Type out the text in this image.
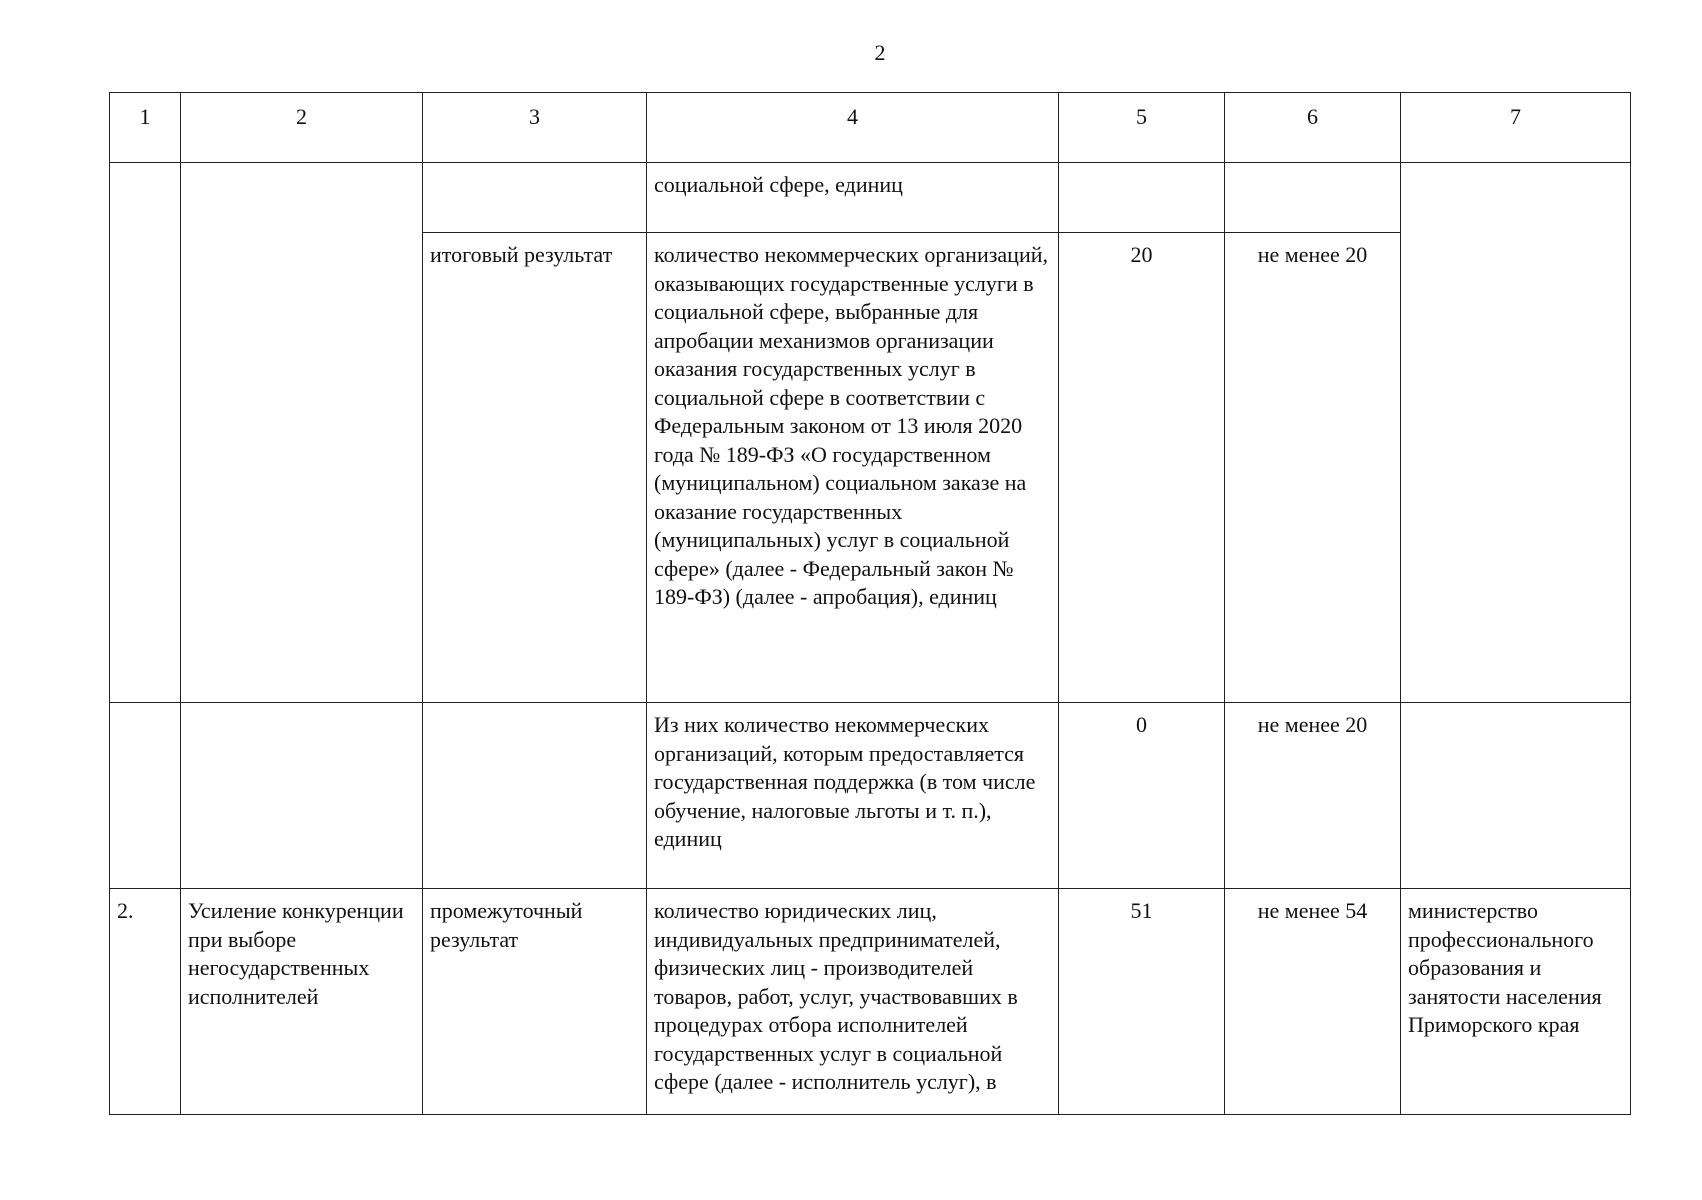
2
1	2	3	4	5	6	7
			социальной сфере, единиц			
		итоговый результат	количество некоммерческих организаций, оказывающих государственные услуги в социальной сфере, выбранные для апробации механизмов организации оказания государственных услуг в социальной сфере в соответствии с Федеральным законом от 13 июля 2020 года № 189-ФЗ «О государственном (муниципальном) социальном заказе на оказание государственных (муниципальных) услуг в социальной сфере» (далее - Федеральный закон № 189-ФЗ) (далее - апробация), единиц	20	не менее 20	
			Из них количество некоммерческих организаций, которым предоставляется государственная поддержка (в том числе обучение, налоговые льготы и т. п.), единиц	0	не менее 20	
2.	Усиление конкуренции при выборе негосударственных исполнителей	промежуточный результат	количество юридических лиц, индивидуальных предпринимателей, физических лиц - производителей товаров, работ, услуг, участвовавших в процедурах отбора исполнителей государственных услуг в социальной сфере (далее - исполнитель услуг), в	51	не менее 54	министерство профессионального образования и занятости населения Приморского края
